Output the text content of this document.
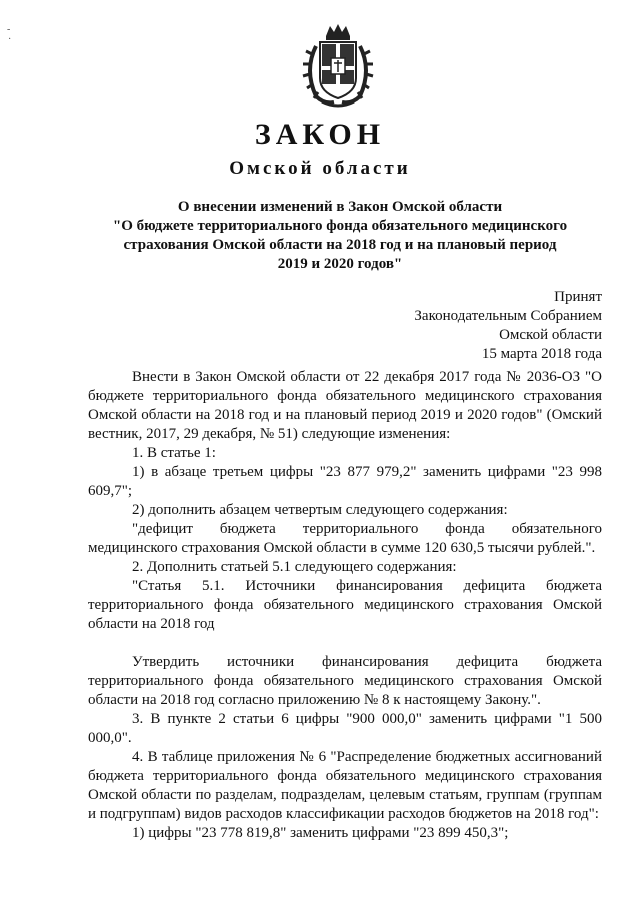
‐
·
ЗАКОН
Омской области
О внесении изменений в Закон Омской области
"О бюджете территориального фонда обязательного медицинского
страхования Омской области на 2018 год и на плановый период
2019 и 2020 годов"
Принят
Законодательным Собранием
Омской области
15 марта 2018 года

Внести в Закон Омской области от 22 декабря 2017 года № 2036-ОЗ "О бюджете территориального фонда обязательного медицинского страхования Омской области на 2018 год и на плановый период 2019 и 2020 годов" (Омский вестник, 2017, 29 декабря, № 51) следующие изменения:

1. В статье 1:

1) в абзаце третьем цифры "23 877 979,2" заменить цифрами "23 998 609,7";

2) дополнить абзацем четвертым следующего содержания:

"дефицит бюджета территориального фонда обязательного медицинского страхования Омской области в сумме 120 630,5 тысячи рублей.".

2. Дополнить статьей 5.1 следующего содержания:

"Статья 5.1. Источники финансирования дефицита бюджета территориального фонда обязательного медицинского страхования Омской области на 2018 год

Утвердить источники финансирования дефицита бюджета территориального фонда обязательного медицинского страхования Омской области на 2018 год согласно приложению № 8 к настоящему Закону.".

3. В пункте 2 статьи 6 цифры "900 000,0" заменить цифрами "1 500 000,0".

4. В таблице приложения № 6 "Распределение бюджетных ассигнований бюджета территориального фонда обязательного медицинского страхования Омской области по разделам, подразделам, целевым статьям, группам (группам и подгруппам) видов расходов классификации расходов бюджетов на 2018 год":

1) цифры "23 778 819,8" заменить цифрами "23 899 450,3";
